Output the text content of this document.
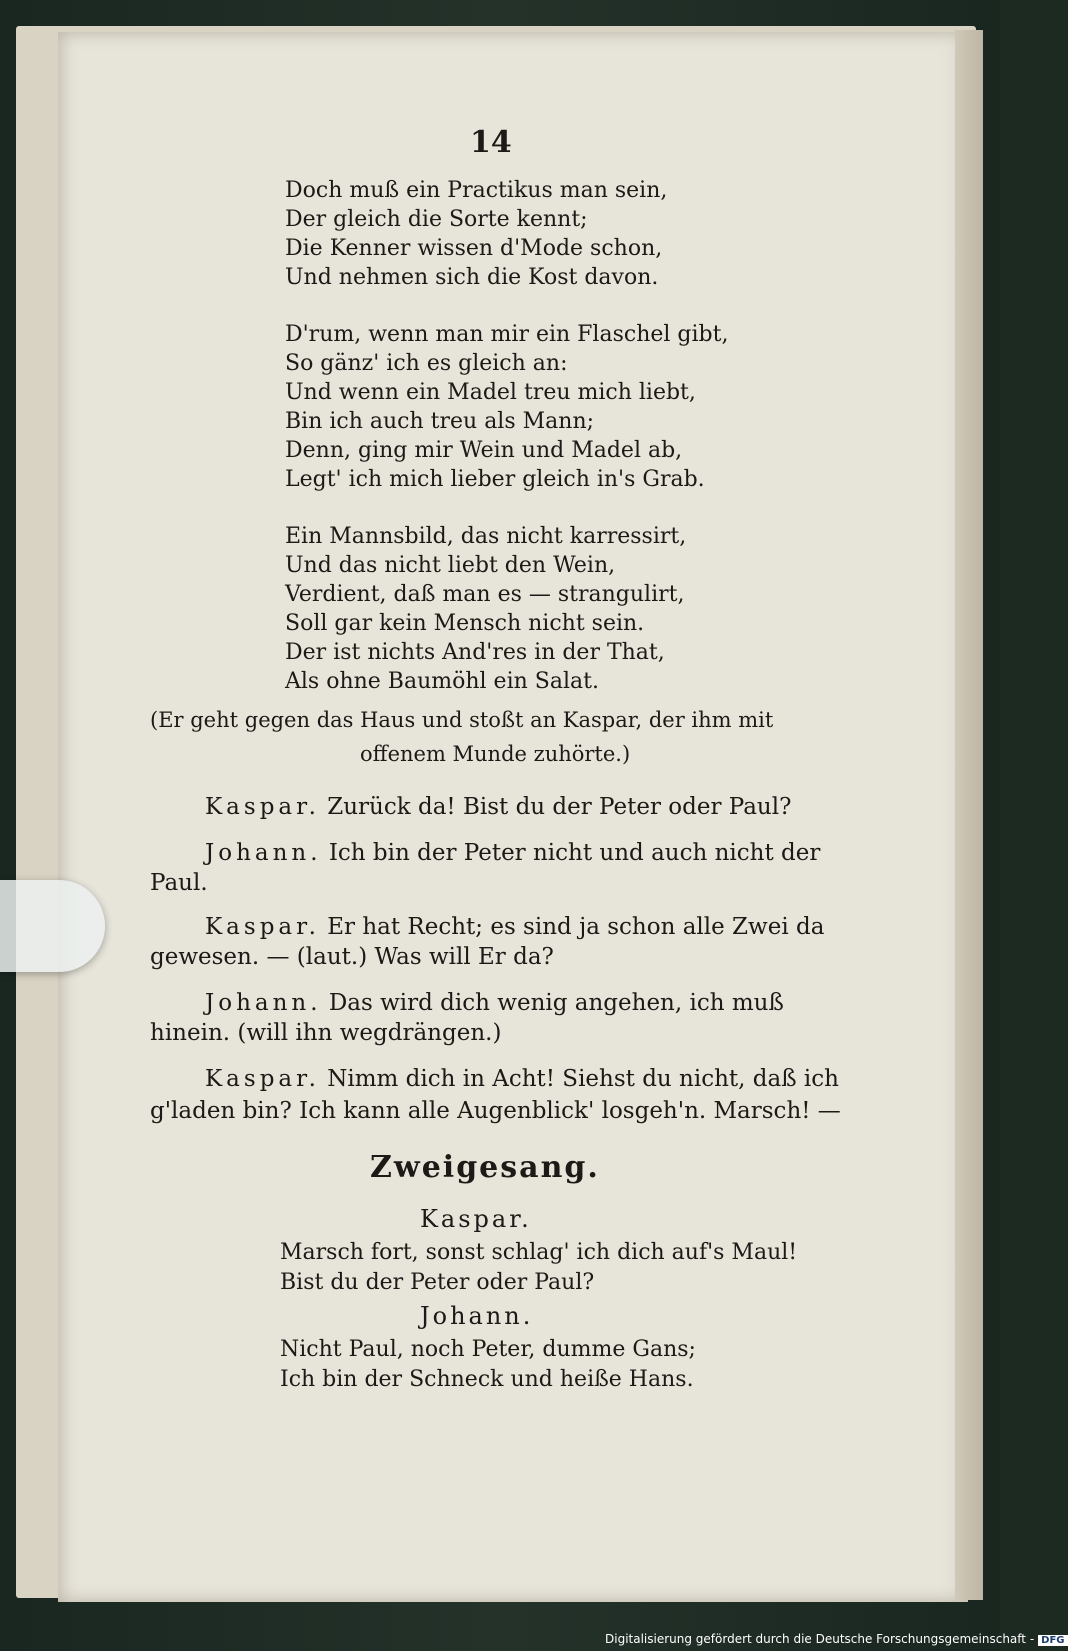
14
Doch muß ein Practikus man sein,
Der gleich die Sorte kennt;
Die Kenner wissen d'Mode schon,
Und nehmen sich die Kost davon.
D'rum, wenn man mir ein Flaschel gibt,
So gänz' ich es gleich an:
Und wenn ein Madel treu mich liebt,
Bin ich auch treu als Mann;
Denn, ging mir Wein und Madel ab,
Legt' ich mich lieber gleich in's Grab.
Ein Mannsbild, das nicht karressirt,
Und das nicht liebt den Wein,
Verdient, daß man es — strangulirt,
Soll gar kein Mensch nicht sein.
Der ist nichts And'res in der That,
Als ohne Baumöhl ein Salat.
(Er geht gegen das Haus und stoßt an Kaspar, der ihm mit
offenem Munde zuhörte.)
Kaspar. Zurück da! Bist du der Peter oder Paul?
Johann. Ich bin der Peter nicht und auch nicht der
Paul.
Kaspar. Er hat Recht; es sind ja schon alle Zwei da
gewesen. — (laut.) Was will Er da?
Johann. Das wird dich wenig angehen, ich muß
hinein. (will ihn wegdrängen.)
Kaspar. Nimm dich in Acht! Siehst du nicht, daß ich
g'laden bin? Ich kann alle Augenblick' losgeh'n. Marsch! —
Zweigesang.
Kaspar.
Marsch fort, sonst schlag' ich dich auf's Maul!
Bist du der Peter oder Paul?
Johann.
Nicht Paul, noch Peter, dumme Gans;
Ich bin der Schneck und heiße Hans.
Digitalisierung gefördert durch die Deutsche Forschungsgemeinschaft - DFG
